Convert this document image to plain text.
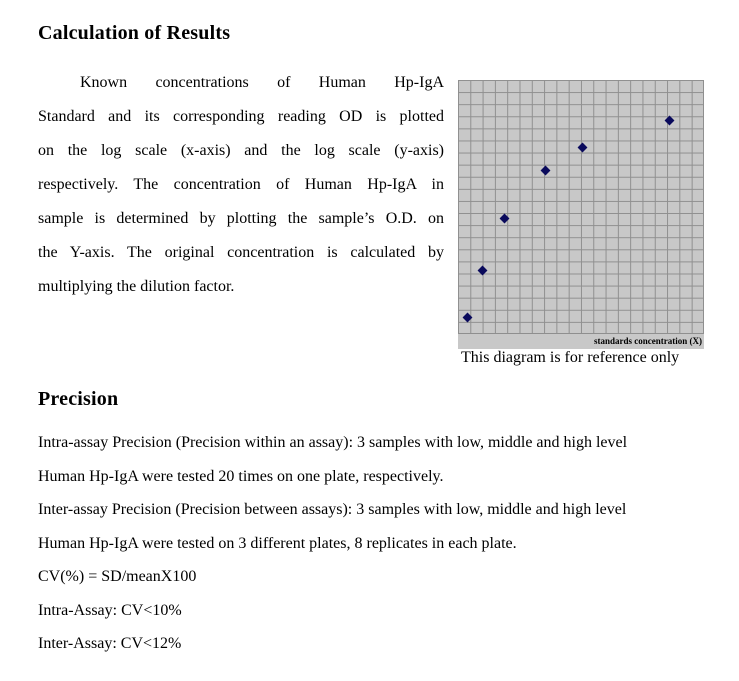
Calculation of Results
Known concentrations of Human Hp-IgA
Standard and its corresponding reading OD is plotted
on the log scale (x-axis) and the log scale (y-axis)
respectively. The concentration of Human Hp-IgA in
sample is determined by plotting the sample’s O.D. on
the Y-axis. The original concentration is calculated by
multiplying the dilution factor.
standards concentration (X)
This diagram is for reference only
Precision
Intra-assay Precision (Precision within an assay): 3 samples with low, middle and high level
Human Hp-IgA were tested 20 times on one plate, respectively.
Inter-assay Precision (Precision between assays): 3 samples with low, middle and high level
Human Hp-IgA were tested on 3 different plates, 8 replicates in each plate.
CV(%) = SD/meanX100
Intra-Assay: CV<10%
Inter-Assay: CV<12%
